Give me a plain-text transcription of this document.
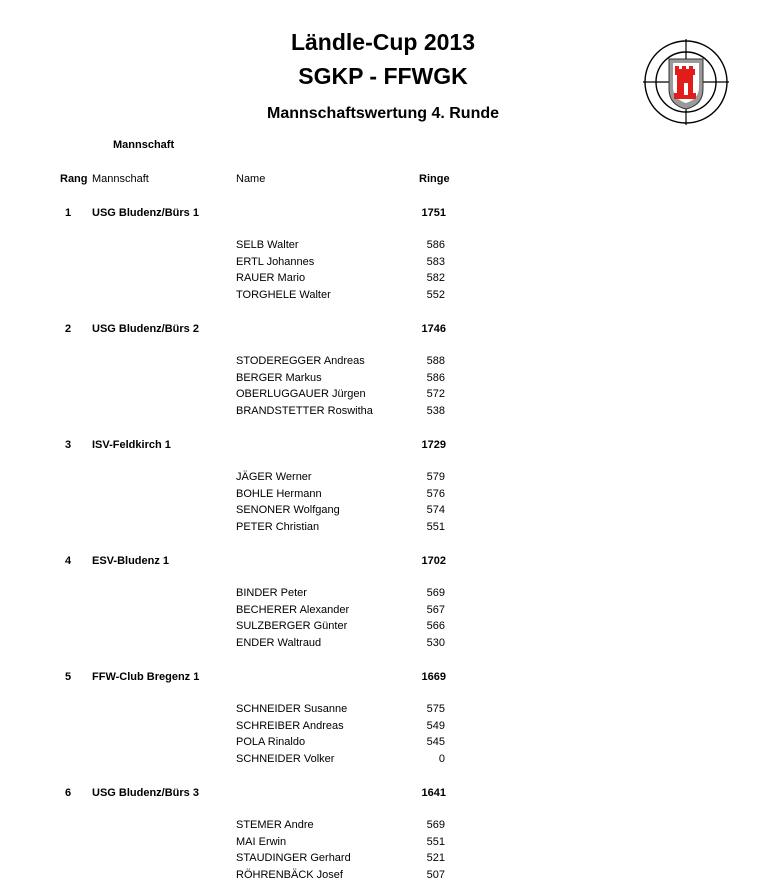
Ländle-Cup 2013
SGKP - FFWGK
Mannschaftswertung 4. Runde
Mannschaft
Rang Mannschaft	Name	Ringe
1	USG Bludenz/Bürs 1	1751
SELB Walter	586
ERTL Johannes	583
RAUER Mario	582
TORGHELE Walter	552
2	USG Bludenz/Bürs 2	1746
STODEREGGER Andreas	588
BERGER Markus	586
OBERLUGGAUER Jürgen	572
BRANDSTETTER Roswitha	538
3	ISV-Feldkirch 1	1729
JÄGER Werner	579
BOHLE Hermann	576
SENONER Wolfgang	574
PETER Christian	551
4	ESV-Bludenz 1	1702
BINDER Peter	569
BECHERER Alexander	567
SULZBERGER Günter	566
ENDER Waltraud	530
5	FFW-Club Bregenz 1	1669
SCHNEIDER Susanne	575
SCHREIBER Andreas	549
POLA Rinaldo	545
SCHNEIDER Volker	0
6	USG Bludenz/Bürs 3	1641
STEMER Andre	569
MAI Erwin	551
STAUDINGER Gerhard	521
RÖHRENBÄCK Josef	507
